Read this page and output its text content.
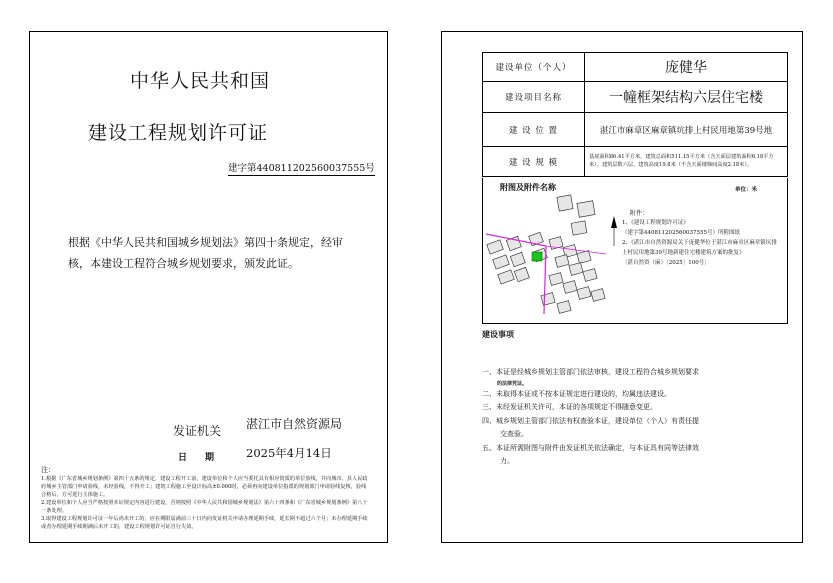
中华人民共和国
建设工程规划许可证
建字第440811202560037555号
根据《中华人民共和国城乡规划法》第四十条规定，经审核，本建设工程符合城乡规划要求，颁发此证。
发证机关 湛江市自然资源局
日　　期	2025年4月14日
注：
1.根据《广东省城乡规划条例》第四十五条的规定，建设工程开工前，建设单位和个人应当委托具有相应资质的单位放线，并向城市、县人民政府城乡主管部门申请验线，未经验线，不得开工；建筑工程施工至设计标高±0.000时，必须再向建设单位指派的规划部门申请验线复核，验线合格后，方可进行主体施工。
2.建设单位和个人应当严格按照本证规定内容进行建设，否则按照《中华人民共和国城乡规划法》第六十四条和《广东省城乡规划条例》第八十一条处理。
3.取得建设工程规划许可证一年后尚未开工的，应在期限届满前三十日内向发证机关申请办理延期手续，延长期不超过六个月；未办理延期手续或者办理延期手续期满后未开工的，建设工程规划许可证自行失效。
建设单位（个人）	庞健华
建设项目名称	一幢框架结构六层住宅楼
建 设 位 置	湛江市麻章区麻章镇坑排上村民用地第39号地
建 设 规 模	基底面积86.41平方米，建筑总面积511.15平方米（含天面层建筑面积6.18平方米），建筑层数六层，建筑高度19.8米（不含天面楼梯间高度2.18米）。
附图及附件名称	单位：米
附件：
1、《建设工程规划许可证》
（建字第440811202560037555号）所附图纸
2、《湛江市自然资源局关于庞健华位于湛江市麻章区麻章镇坑排上村民用地第39号地新建住宅楼建筑方案的批复》
〔湛自然资（麻）〔2025〕100号〕
建设事项
一、本证是经城乡规划主管部门依法审核，建设工程符合城乡规划要求
的法律凭证。
二、未取得本证或不按本证规定进行建设的，均属违法建设。
三、未经发证机关许可，本证的各项规定不得随意变更。
四、城乡规划主管部门依法有权查验本证，建设单位（个人）有责任提
交查验。
五、本证所需附图与附件由发证机关依法确定，与本证具有同等法律效
力。
